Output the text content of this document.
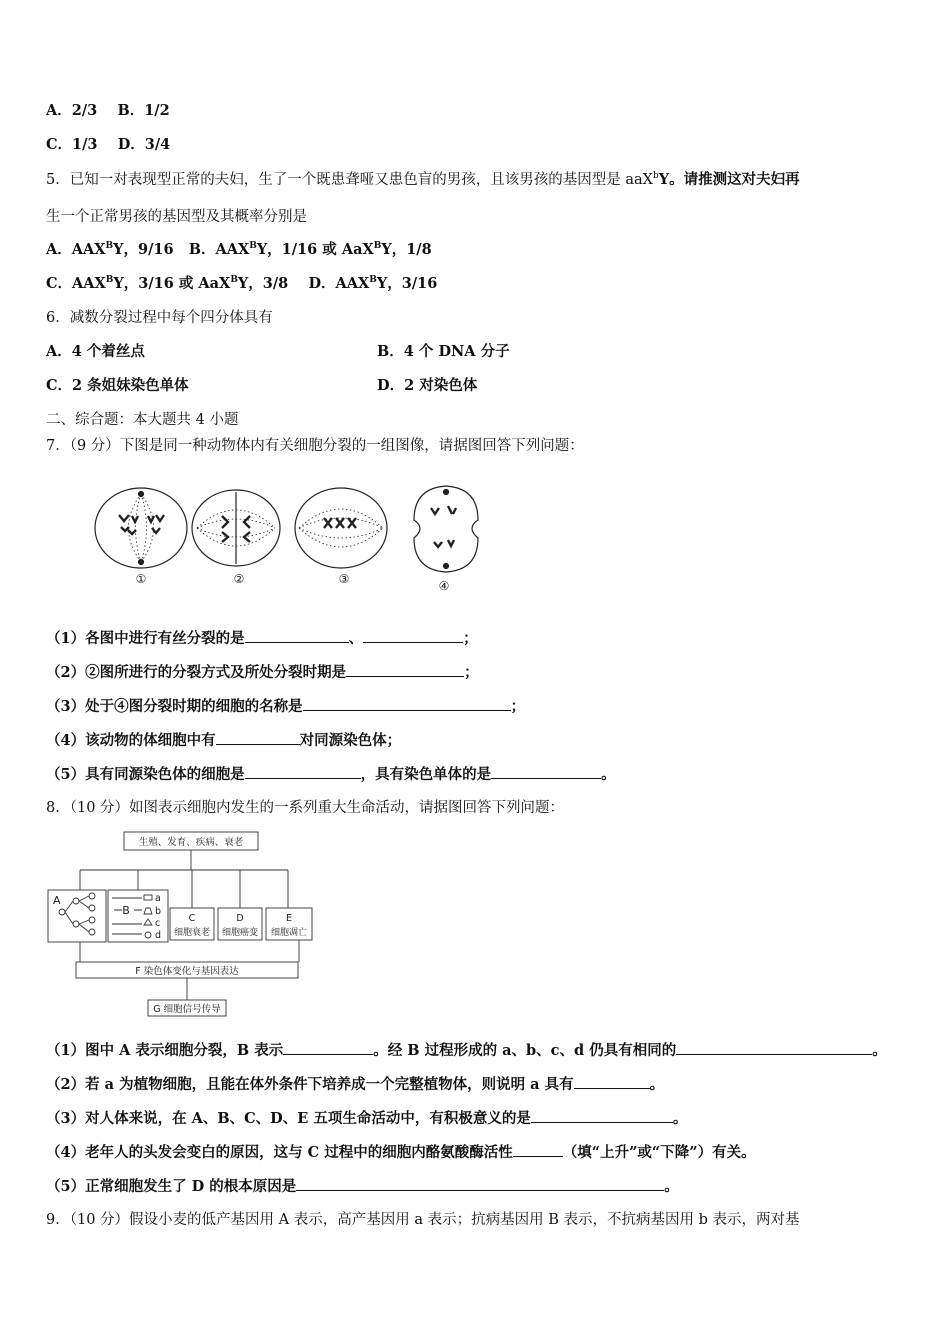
A．2/3 B．1/2
C．1/3 D．3/4
5．已知一对表现型正常的夫妇，生了一个既患聋哑又患色盲的男孩，且该男孩的基因型是 aaX$^b$Y。请推测这对夫妇再
生一个正常男孩的基因型及其概率分别是
A．$AAX^BY$，9/16 B．$AAX^BY$，1/16 或 AaX$^B$Y，1/8
C．$AAX^BY$，3/16 或 AaX$^B$Y，3/8 D．$AAX^BY$，3/16
6．减数分裂过程中每个四分体具有
A．4 个着丝点	B．4 个 DNA 分子
C．2 条姐妹染色单体	D．2 对染色体
二、综合题：本大题共 4 小题
7．（9 分）下图是同一种动物体内有关细胞分裂的一组图像，请据图回答下列问题：
①	②	③	④
（1）各图中进行有丝分裂的是	、	；
（2）②图所进行的分裂方式及所处分裂时期是	；
（3）处于④图分裂时期的细胞的名称是	；
（4）该动物的体细胞中有	对同源染色体；
（5）具有同源染色体的细胞是	，具有染色单体的是	。
8．（10 分）如图表示细胞内发生的一系列重大生命活动，请据图回答下列问题：
生殖、发育、疾病、衰老
A
B
a
b
c
d
C
细胞衰老
D
细胞癌变
E
细胞凋亡
F 染色体变化与基因表达
G 细胞信号传导
（1）图中 A 表示细胞分裂，B 表示	。经 B 过程形成的 a、b、c、d 仍具有相同的	。
（2）若 a 为植物细胞，且能在体外条件下培养成一个完整植物体，则说明 a 具有	。
（3）对人体来说，在 A、B、C、D、E 五项生命活动中，有积极意义的是	。
（4）老年人的头发会变白的原因，这与 C 过程中的细胞内酪氨酸酶活性	（填“上升”或“下降”）有关。
（5）正常细胞发生了 D 的根本原因是	。
9．（10 分）假设小麦的低产基因用 A 表示，高产基因用 a 表示；抗病基因用 B 表示，不抗病基因用 b 表示，两对基
